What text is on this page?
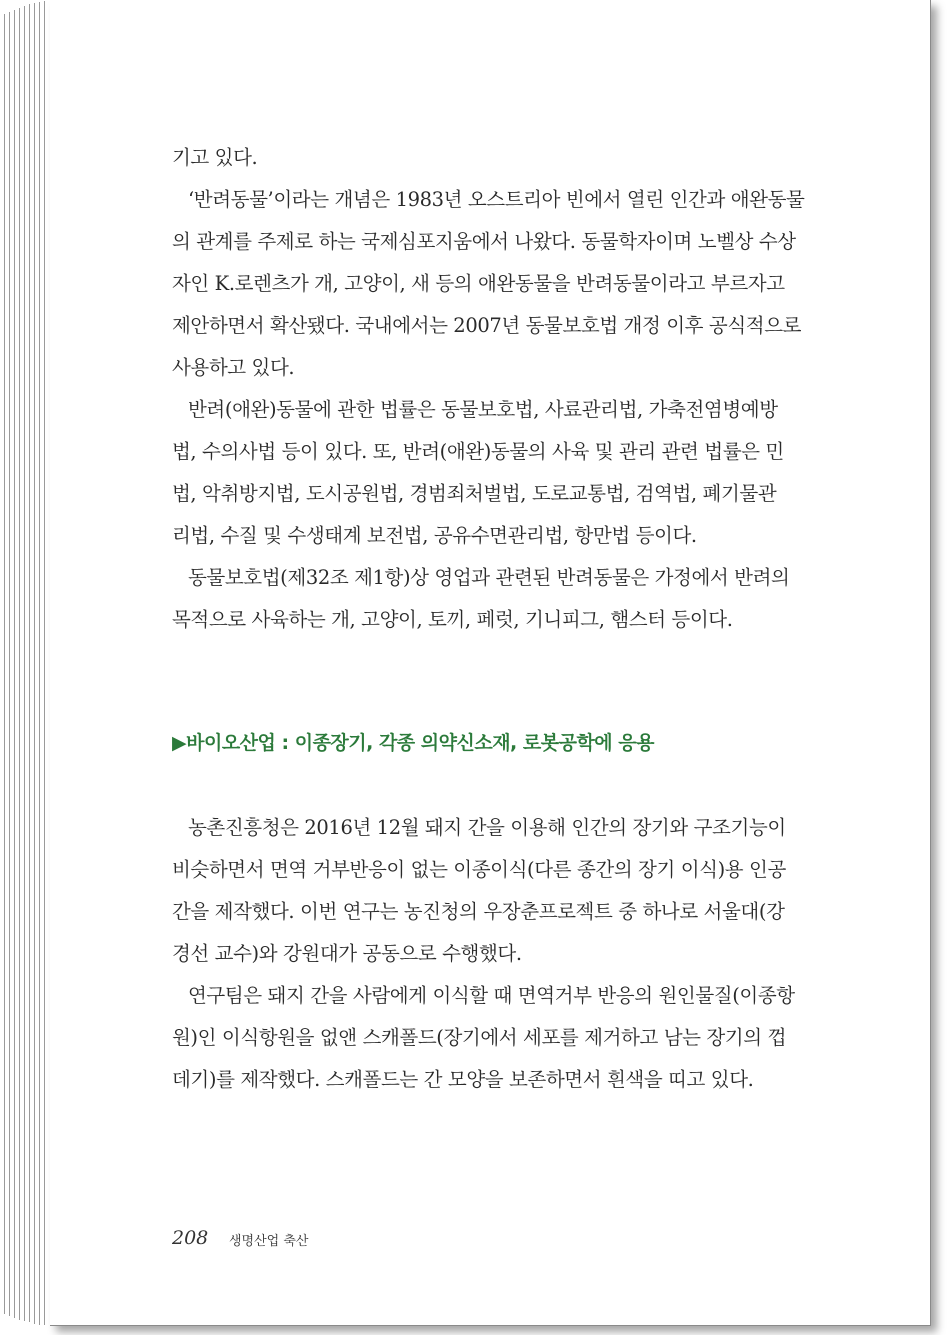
기고 있다.
‘반려동물’이라는 개념은 1983년 오스트리아 빈에서 열린 인간과 애완동물
의 관계를 주제로 하는 국제심포지움에서 나왔다. 동물학자이며 노벨상 수상
자인 K.로렌츠가 개, 고양이, 새 등의 애완동물을 반려동물이라고 부르자고
제안하면서 확산됐다. 국내에서는 2007년 동물보호법 개정 이후 공식적으로
사용하고 있다.
반려(애완)동물에 관한 법률은 동물보호법, 사료관리법, 가축전염병예방
법, 수의사법 등이 있다. 또, 반려(애완)동물의 사육 및 관리 관련 법률은 민
법, 악취방지법, 도시공원법, 경범죄처벌법, 도로교통법, 검역법, 폐기물관
리법, 수질 및 수생태계 보전법, 공유수면관리법, 항만법 등이다.
동물보호법(제32조 제1항)상 영업과 관련된 반려동물은 가정에서 반려의
목적으로 사육하는 개, 고양이, 토끼, 페럿, 기니피그, 햄스터 등이다.
▶바이오산업 : 이종장기, 각종 의약신소재, 로봇공학에 응용
농촌진흥청은 2016년 12월 돼지 간을 이용해 인간의 장기와 구조기능이
비슷하면서 면역 거부반응이 없는 이종이식(다른 종간의 장기 이식)용 인공
간을 제작했다. 이번 연구는 농진청의 우장춘프로젝트 중 하나로 서울대(강
경선 교수)와 강원대가 공동으로 수행했다.
연구팀은 돼지 간을 사람에게 이식할 때 면역거부 반응의 원인물질(이종항
원)인 이식항원을 없앤 스캐폴드(장기에서 세포를 제거하고 남는 장기의 껍
데기)를 제작했다. 스캐폴드는 간 모양을 보존하면서 흰색을 띠고 있다.
208 생명산업 축산
